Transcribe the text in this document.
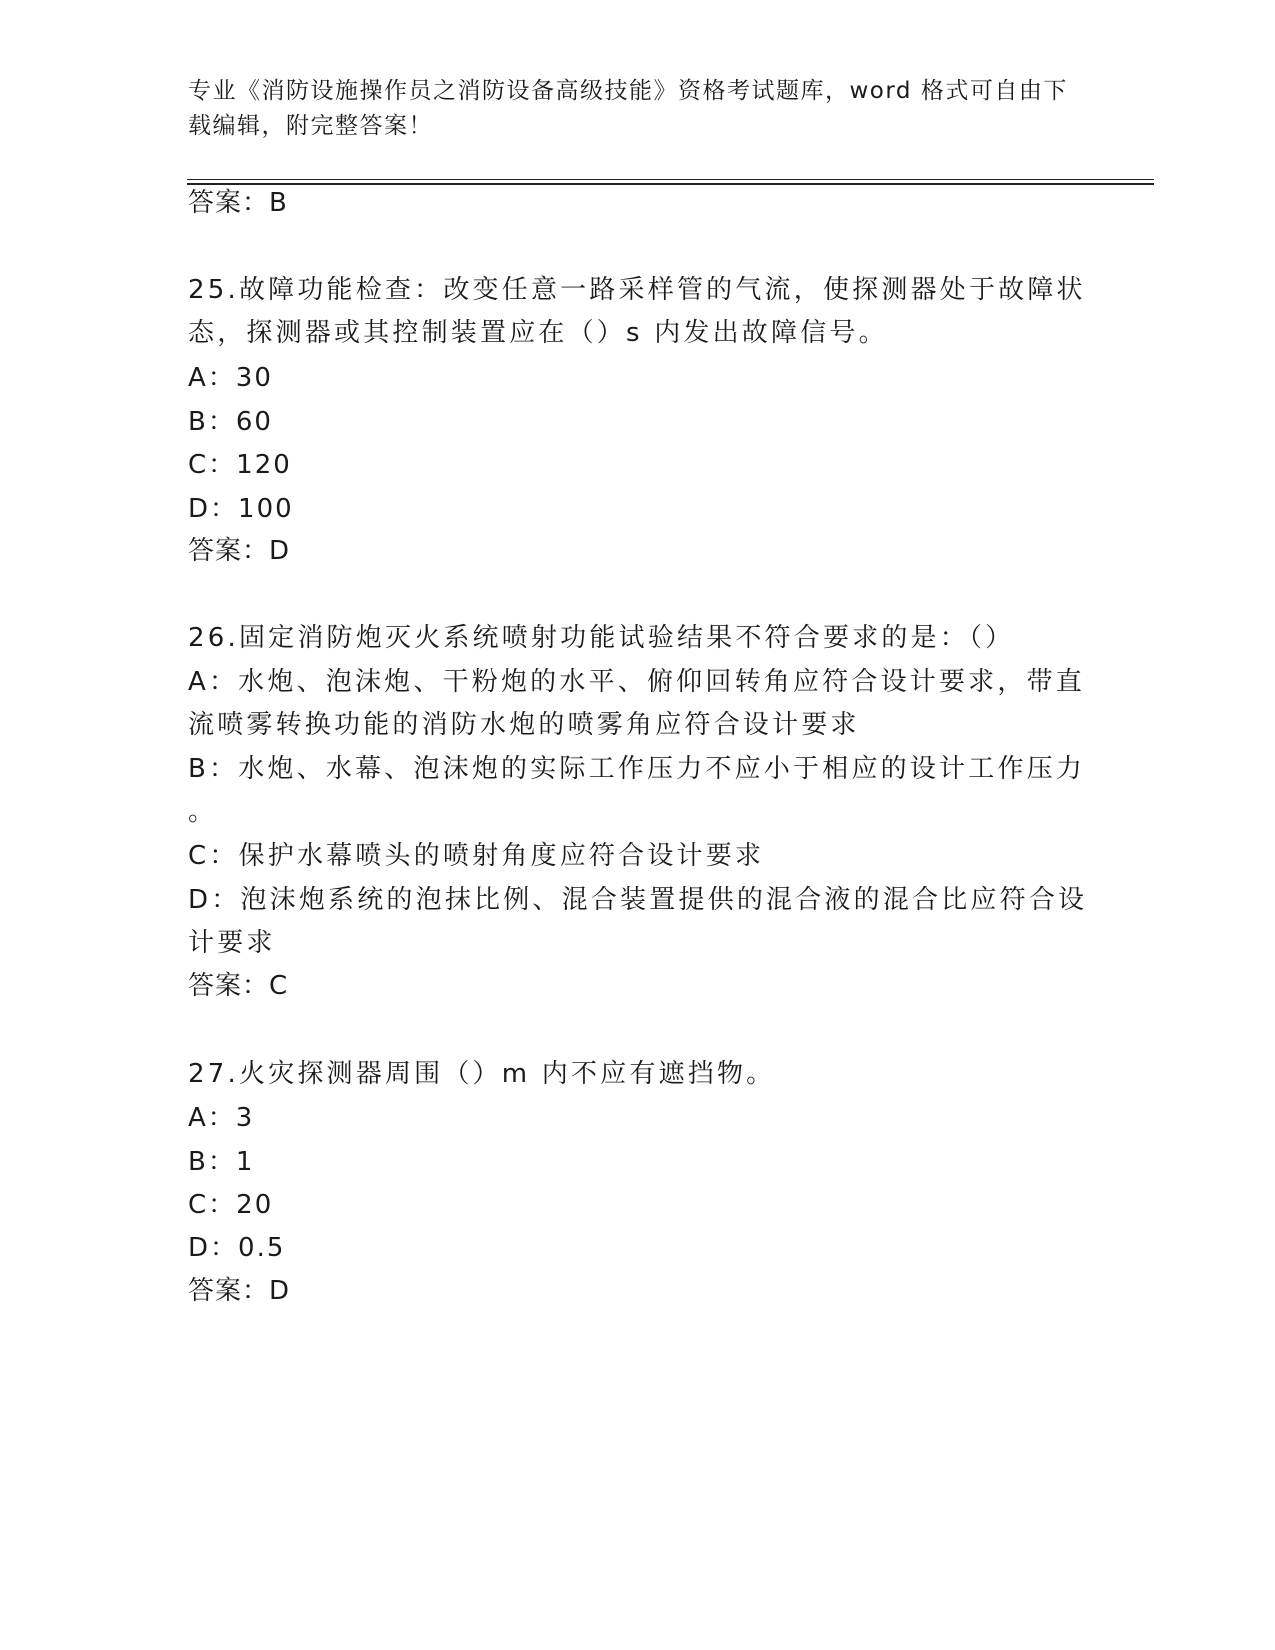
专业《消防设施操作员之消防设备高级技能》资格考试题库，word 格式可自由下
载编辑，附完整答案！
答案：B
25.故障功能检查：改变任意一路采样管的气流，使探测器处于故障状
态，探测器或其控制装置应在（）s 内发出故障信号。
A：30
B：60
C：120
D：100
答案：D
26.固定消防炮灭火系统喷射功能试验结果不符合要求的是：（）
A：水炮、泡沫炮、干粉炮的水平、俯仰回转角应符合设计要求，带直
流喷雾转换功能的消防水炮的喷雾角应符合设计要求
B：水炮、水幕、泡沫炮的实际工作压力不应小于相应的设计工作压力
。
C：保护水幕喷头的喷射角度应符合设计要求
D：泡沫炮系统的泡抹比例、混合装置提供的混合液的混合比应符合设
计要求
答案：C
27.火灾探测器周围（）m 内不应有遮挡物。
A：3
B：1
C：20
D：0.5
答案：D
